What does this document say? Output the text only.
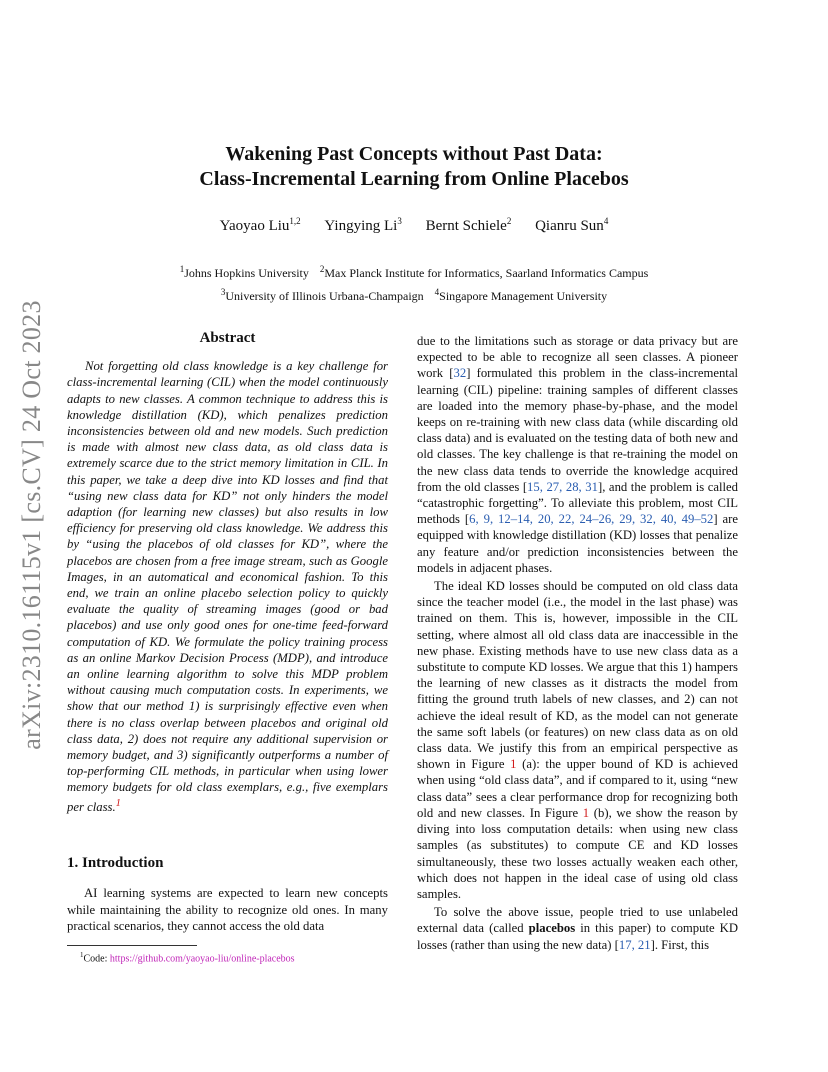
arXiv:2310.16115v1 [cs.CV] 24 Oct 2023
Wakening Past Concepts without Past Data:
Class-Incremental Learning from Online Placebos
Yaoyao Liu$^{1,2}$ Yingying Li$^3$ Bernt Schiele$^2$ Qianru Sun$^4$
$^1$Johns Hopkins University $^2$Max Planck Institute for Informatics, Saarland Informatics Campus
$^3$University of Illinois Urbana-Champaign $^4$Singapore Management University
Abstract

Not forgetting old class knowledge is a key challenge for class-incremental learning (CIL) when the model continuously adapts to new classes. A common technique to address this is knowledge distillation (KD), which penalizes prediction inconsistencies between old and new models. Such prediction is made with almost new class data, as old class data is extremely scarce due to the strict memory limitation in CIL. In this paper, we take a deep dive into KD losses and find that “using new class data for KD” not only hinders the model adaption (for learning new classes) but also results in low efficiency for preserving old class knowledge. We address this by “using the placebos of old classes for KD”, where the placebos are chosen from a free image stream, such as Google Images, in an automatical and economical fashion. To this end, we train an online placebo selection policy to quickly evaluate the quality of streaming images (good or bad placebos) and use only good ones for one-time feed-forward computation of KD. We formulate the policy training process as an online Markov Decision Process (MDP), and introduce an online learning algorithm to solve this MDP problem without causing much computation costs. In experiments, we show that our method 1) is surprisingly effective even when there is no class overlap between placebos and original old class data, 2) does not require any additional supervision or memory budget, and 3) significantly outperforms a number of top-performing CIL methods, in particular when using lower memory budgets for old class exemplars, e.g., five exemplars per class.$^1$

1. Introduction

AI learning systems are expected to learn new concepts while maintaining the ability to recognize old ones. In many practical scenarios, they cannot access the old data

due to the limitations such as storage or data privacy but are expected to be able to recognize all seen classes. A pioneer work [32] formulated this problem in the class-incremental learning (CIL) pipeline: training samples of different classes are loaded into the memory phase-by-phase, and the model keeps on re-training with new class data (while discarding old class data) and is evaluated on the testing data of both new and old classes. The key challenge is that re-training the model on the new class data tends to override the knowledge acquired from the old classes [15, 27, 28, 31], and the problem is called “catastrophic forgetting”. To alleviate this problem, most CIL methods [6, 9, 12–14, 20, 22, 24–26, 29, 32, 40, 49–52] are equipped with knowledge distillation (KD) losses that penalize any feature and/or prediction inconsistencies between the models in adjacent phases.

The ideal KD losses should be computed on old class data since the teacher model (i.e., the model in the last phase) was trained on them. This is, however, impossible in the CIL setting, where almost all old class data are inaccessible in the new phase. Existing methods have to use new class data as a substitute to compute KD losses. We argue that this 1) hampers the learning of new classes as it distracts the model from fitting the ground truth labels of new classes, and 2) can not achieve the ideal result of KD, as the model can not generate the same soft labels (or features) on new class data as on old class data. We justify this from an empirical perspective as shown in Figure 1 (a): the upper bound of KD is achieved when using “old class data”, and if compared to it, using “new class data” sees a clear performance drop for recognizing both old and new classes. In Figure 1 (b), we show the reason by diving into loss computation details: when using new class samples (as substitutes) to compute CE and KD losses simultaneously, these two losses actually weaken each other, which does not happen in the ideal case of using old class samples.

To solve the above issue, people tried to use unlabeled external data (called placebos in this paper) to compute KD losses (rather than using the new data) [17, 21]. First, this

$^1$Code: https://github.com/yaoyao-liu/online-placebos
